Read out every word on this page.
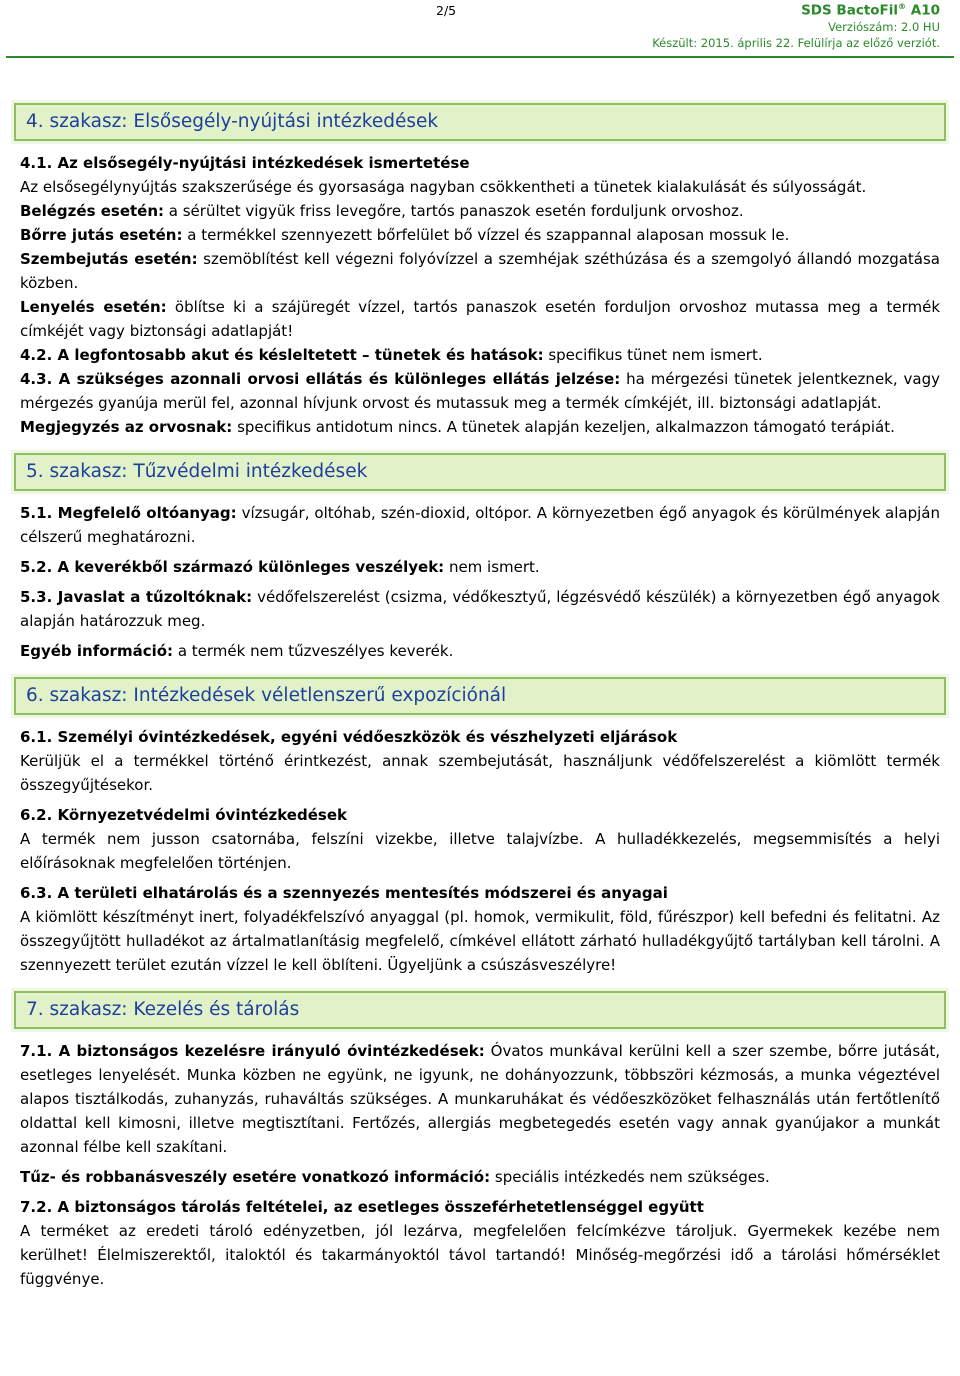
2/5	SDS BactoFil® A10
Verziószám: 2.0 HU
Készült: 2015. április 22. Felülírja az előző verziót.
4. szakasz: Elsősegély-nyújtási intézkedések
4.1. Az elsősegély-nyújtási intézkedések ismertetése
Az elsősegélynyújtás szakszerűsége és gyorsasága nagyban csökkentheti a tünetek kialakulását és súlyosságát.
Belégzés esetén: a sérültet vigyük friss levegőre, tartós panaszok esetén forduljunk orvoshoz.
Bőrre jutás esetén: a termékkel szennyezett bőrfelület bő vízzel és szappannal alaposan mossuk le.
Szembejutás esetén: szemöblítést kell végezni folyóvízzel a szemhéjak széthúzása és a szemgolyó állandó mozgatása közben.
Lenyelés esetén: öblítse ki a szájüregét vízzel, tartós panaszok esetén forduljon orvoshoz mutassa meg a termék címkéjét vagy biztonsági adatlapját!
4.2. A legfontosabb akut és késleltetett – tünetek és hatások: specifikus tünet nem ismert.
4.3. A szükséges azonnali orvosi ellátás és különleges ellátás jelzése: ha mérgezési tünetek jelentkeznek, vagy mérgezés gyanúja merül fel, azonnal hívjunk orvost és mutassuk meg a termék címkéjét, ill. biztonsági adatlapját.
Megjegyzés az orvosnak: specifikus antidotum nincs. A tünetek alapján kezeljen, alkalmazzon támogató terápiát.
5. szakasz: Tűzvédelmi intézkedések
5.1. Megfelelő oltóanyag: vízsugár, oltóhab, szén-dioxid, oltópor. A környezetben égő anyagok és körülmények alapján célszerű meghatározni.
5.2. A keverékből származó különleges veszélyek: nem ismert.
5.3. Javaslat a tűzoltóknak: védőfelszerelést (csizma, védőkesztyű, légzésvédő készülék) a környezetben égő anyagok alapján határozzuk meg.
Egyéb információ: a termék nem tűzveszélyes keverék.
6. szakasz: Intézkedések véletlenszerű expozíciónál
6.1. Személyi óvintézkedések, egyéni védőeszközök és vészhelyzeti eljárások
Kerüljük el a termékkel történő érintkezést, annak szembejutását, használjunk védőfelszerelést a kiömlött termék összegyűjtésekor.
6.2. Környezetvédelmi óvintézkedések
A termék nem jusson csatornába, felszíni vizekbe, illetve talajvízbe. A hulladékkezelés, megsemmisítés a helyi előírásoknak megfelelően történjen.
6.3. A területi elhatárolás és a szennyezés mentesítés módszerei és anyagai
A kiömlött készítményt inert, folyadékfelszívó anyaggal (pl. homok, vermikulit, föld, fűrészpor) kell befedni és felitatni. Az összegyűjtött hulladékot az ártalmatlanításig megfelelő, címkével ellátott zárható hulladékgyűjtő tartályban kell tárolni. A szennyezett terület ezután vízzel le kell öblíteni. Ügyeljünk a csúszásveszélyre!
7. szakasz: Kezelés és tárolás
7.1. A biztonságos kezelésre irányuló óvintézkedések: Óvatos munkával kerülni kell a szer szembe, bőrre jutását, esetleges lenyelését. Munka közben ne együnk, ne igyunk, ne dohányozzunk, többszöri kézmosás, a munka végeztével alapos tisztálkodás, zuhanyzás, ruhaváltás szükséges. A munkaruhákat és védőeszközöket felhasználás után fertőtlenítő oldattal kell kimosni, illetve megtisztítani. Fertőzés, allergiás megbetegedés esetén vagy annak gyanújakor a munkát azonnal félbe kell szakítani.
Tűz- és robbanásveszély esetére vonatkozó információ: speciális intézkedés nem szükséges.
7.2. A biztonságos tárolás feltételei, az esetleges összeférhetetlenséggel együtt
A terméket az eredeti tároló edényzetben, jól lezárva, megfelelően felcímkézve tároljuk. Gyermekek kezébe nem kerülhet! Élelmiszerektől, italoktól és takarmányoktól távol tartandó! Minőség-megőrzési idő a tárolási hőmérséklet függvénye.
